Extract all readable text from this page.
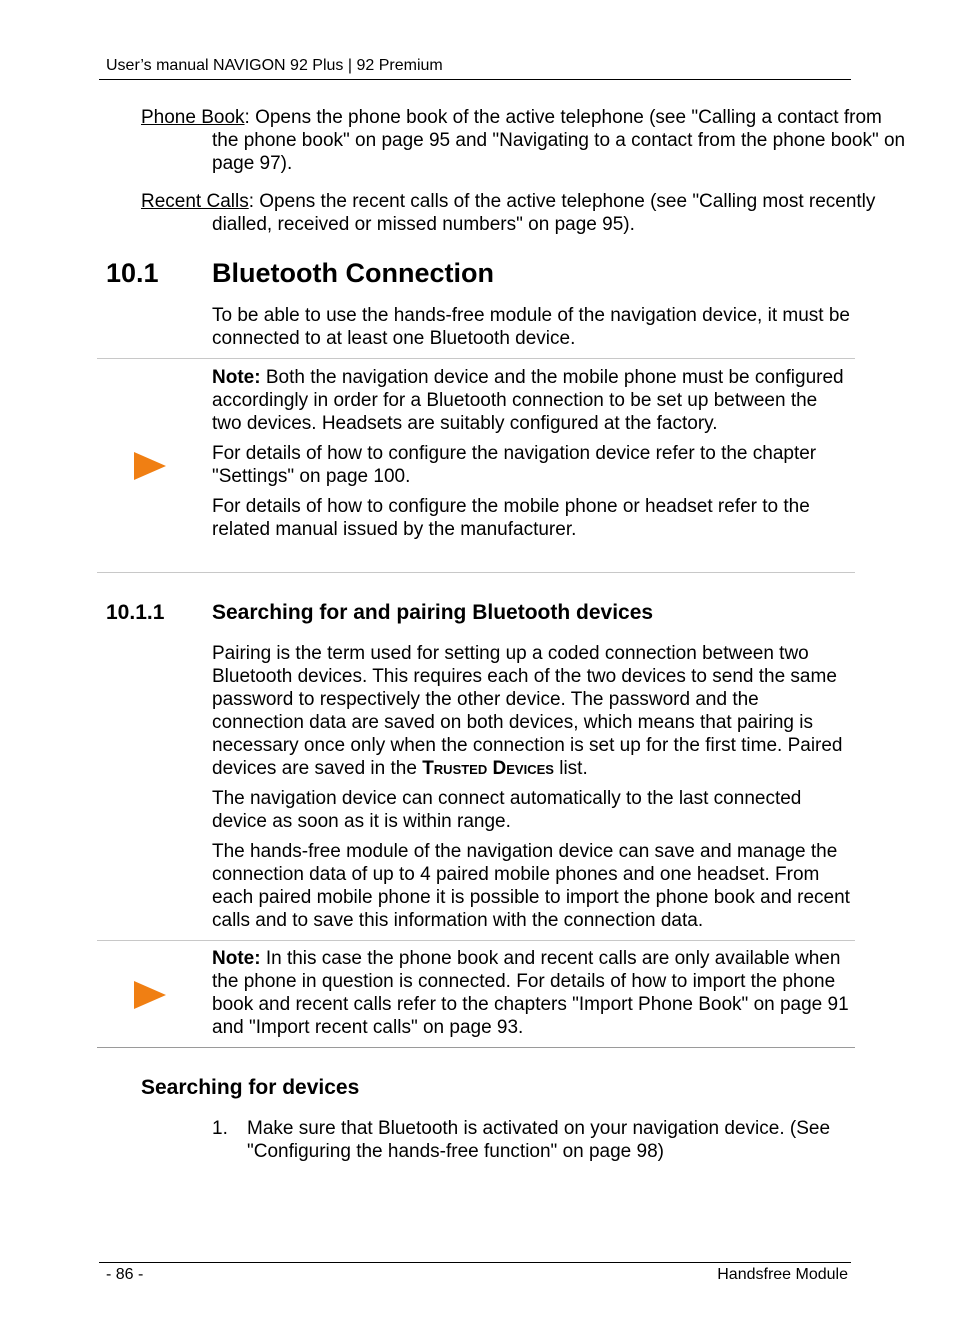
User’s manual NAVIGON 92 Plus | 92 Premium

Phone Book: Opens the phone book of the active telephone (see "Calling a contact from the phone book" on page 95 and "Navigating to a contact from the phone book" on page 97).

Recent Calls: Opens the recent calls of the active telephone (see "Calling most recently dialled, received or missed numbers" on page 95).

10.1 Bluetooth Connection

To be able to use the hands-free module of the navigation device, it must be connected to at least one Bluetooth device.

Note: Both the navigation device and the mobile phone must be configured accordingly in order for a Bluetooth connection to be set up between the two devices. Headsets are suitably configured at the factory.

For details of how to configure the navigation device refer to the chapter "Settings" on page 100.

For details of how to configure the mobile phone or headset refer to the related manual issued by the manufacturer.

10.1.1 Searching for and pairing Bluetooth devices

Pairing is the term used for setting up a coded connection between two Bluetooth devices. This requires each of the two devices to send the same password to respectively the other device. The password and the connection data are saved on both devices, which means that pairing is necessary once only when the connection is set up for the first time. Paired devices are saved in the Trusted Devices list.

The navigation device can connect automatically to the last connected device as soon as it is within range.

The hands-free module of the navigation device can save and manage the connection data of up to 4 paired mobile phones and one headset. From each paired mobile phone it is possible to import the phone book and recent calls and to save this information with the connection data.

Note: In this case the phone book and recent calls are only available when the phone in question is connected. For details of how to import the phone book and recent calls refer to the chapters "Import Phone Book" on page 91 and "Import recent calls" on page 93.

Searching for devices
1. Make sure that Bluetooth is activated on your navigation device. (See "Configuring the hands-free function" on page 98)

- 86 -	Handsfree Module
